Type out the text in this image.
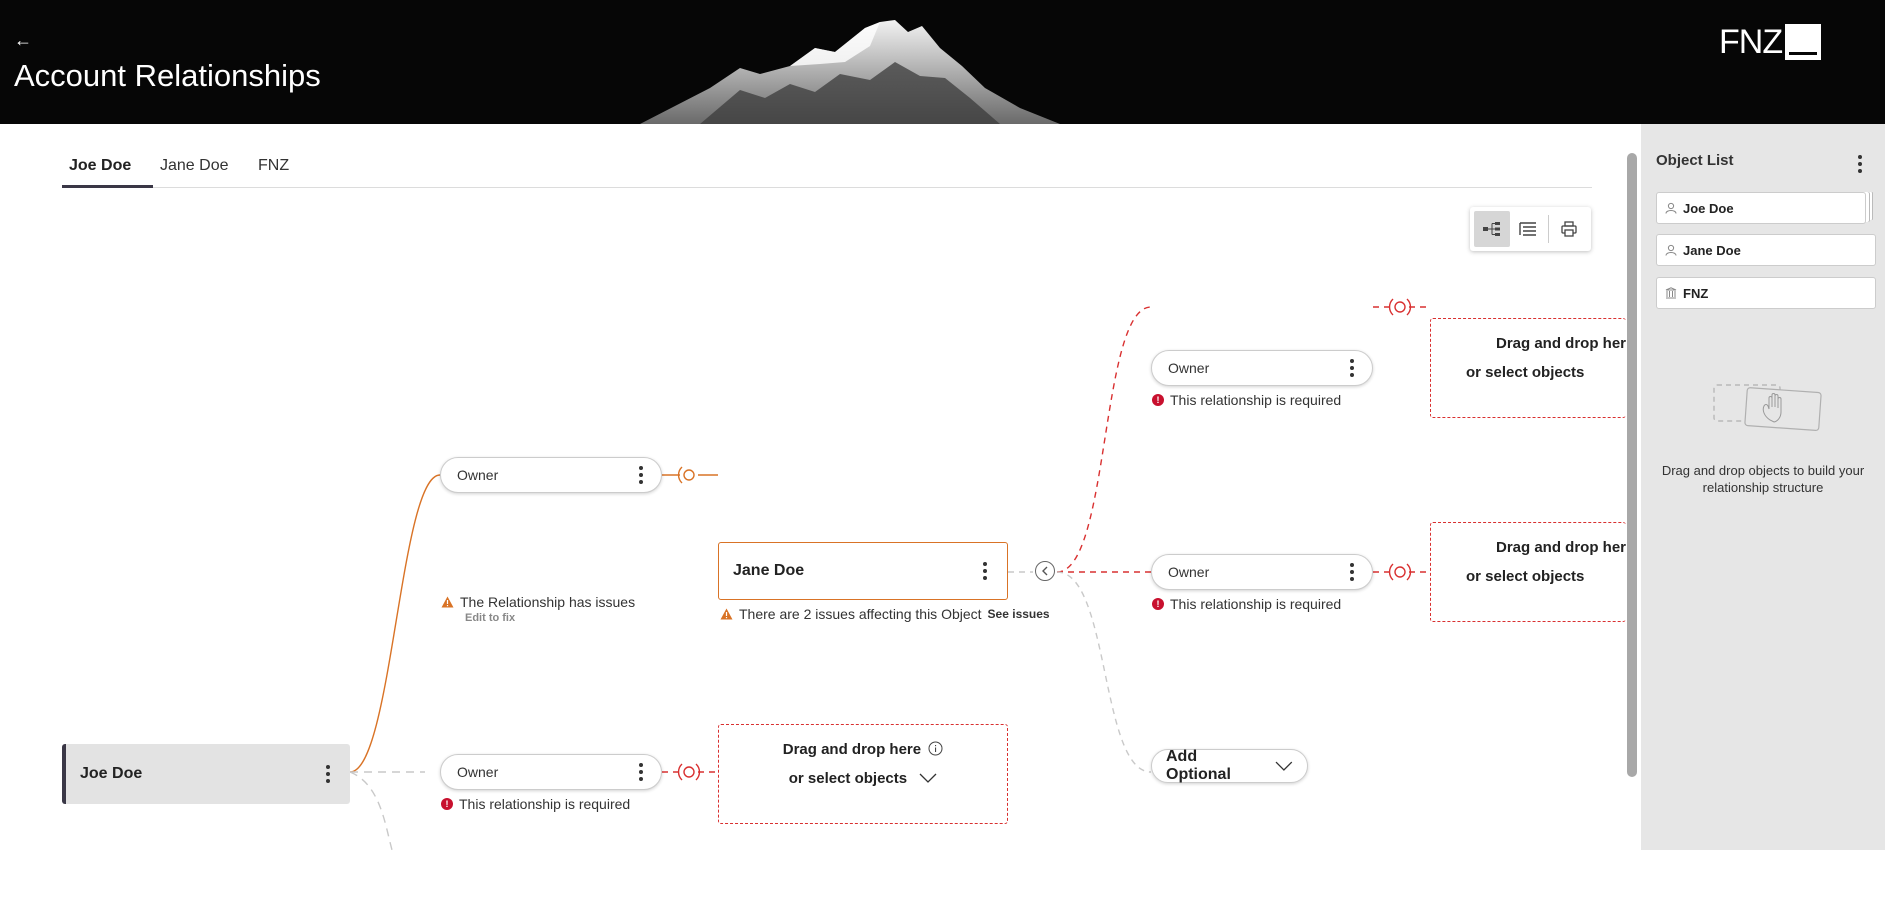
←
Account Relationships
FNZ
Joe Doe	Jane Doe	FNZ
Joe Doe
Owner
The Relationship has issues
Edit to fix
Jane Doe
There are 2 issues affecting this Object See issues
Owner
! This relationship is required
Drag and drop here
or select objects
Owner
! This relationship is required
Drag and drop her
or select objects
Owner
! This relationship is required
Drag and drop her
or select objects
Add Optional
Object List
Joe Doe
Jane Doe
FNZ
Drag and drop objects to build your relationship structure
